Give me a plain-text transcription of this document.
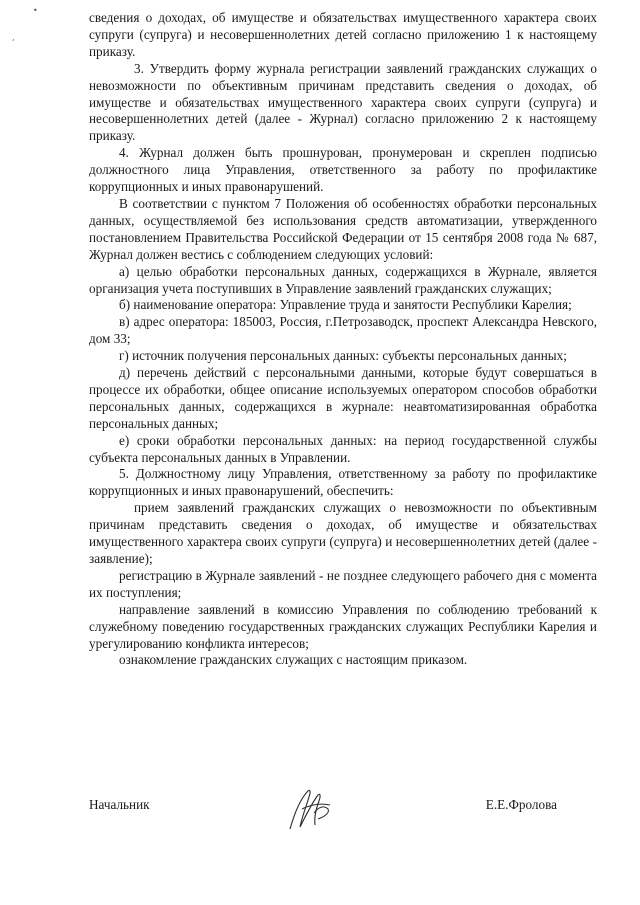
•
‘

сведения о доходах, об имуществе и обязательствах имущественного характера своих супруги (супруга) и несовершеннолетних детей согласно приложению 1 к настоящему приказу.

3. Утвердить форму журнала регистрации заявлений гражданских служащих о невозможности по объективным причинам представить сведения о доходах, об имуществе и обязательствах имущественного характера своих супруги (супруга) и несовершеннолетних детей (далее - Журнал) согласно приложению 2 к настоящему приказу.

4. Журнал должен быть прошнурован, пронумерован и скреплен подписью должностного лица Управления, ответственного за работу по профилактике коррупционных и иных правонарушений.

В соответствии с пунктом 7 Положения об особенностях обработки персональных данных, осуществляемой без использования средств автоматизации, утвержденного постановлением Правительства Российской Федерации от 15 сентября 2008 года № 687, Журнал должен вестись с соблюдением следующих условий:

а) целью обработки персональных данных, содержащихся в Журнале, является организация учета поступивших в Управление заявлений гражданских служащих;

б) наименование оператора: Управление труда и занятости Республики Карелия;

в) адрес оператора: 185003, Россия, г.Петрозаводск, проспект Александра Невского, дом 33;

г) источник получения персональных данных: субъекты персональных данных;

д) перечень действий с персональными данными, которые будут совершаться в процессе их обработки, общее описание используемых оператором способов обработки персональных данных, содержащихся в журнале: неавтоматизированная обработка персональных данных;

е) сроки обработки персональных данных: на период государственной службы субъекта персональных данных в Управлении.

5. Должностному лицу Управления, ответственному за работу по профилактике коррупционных и иных правонарушений, обеспечить:

прием заявлений гражданских служащих о невозможности по объективным причинам представить сведения о доходах, об имуществе и обязательствах имущественного характера своих супруги (супруга) и несовершеннолетних детей (далее - заявление);

регистрацию в Журнале заявлений - не позднее следующего рабочего дня с момента их поступления;

направление заявлений в комиссию Управления по соблюдению требований к служебному поведению государственных гражданских служащих Республики Карелия и урегулированию конфликта интересов;

ознакомление гражданских служащих с настоящим приказом.

Начальник	Е.Е.Фролова
